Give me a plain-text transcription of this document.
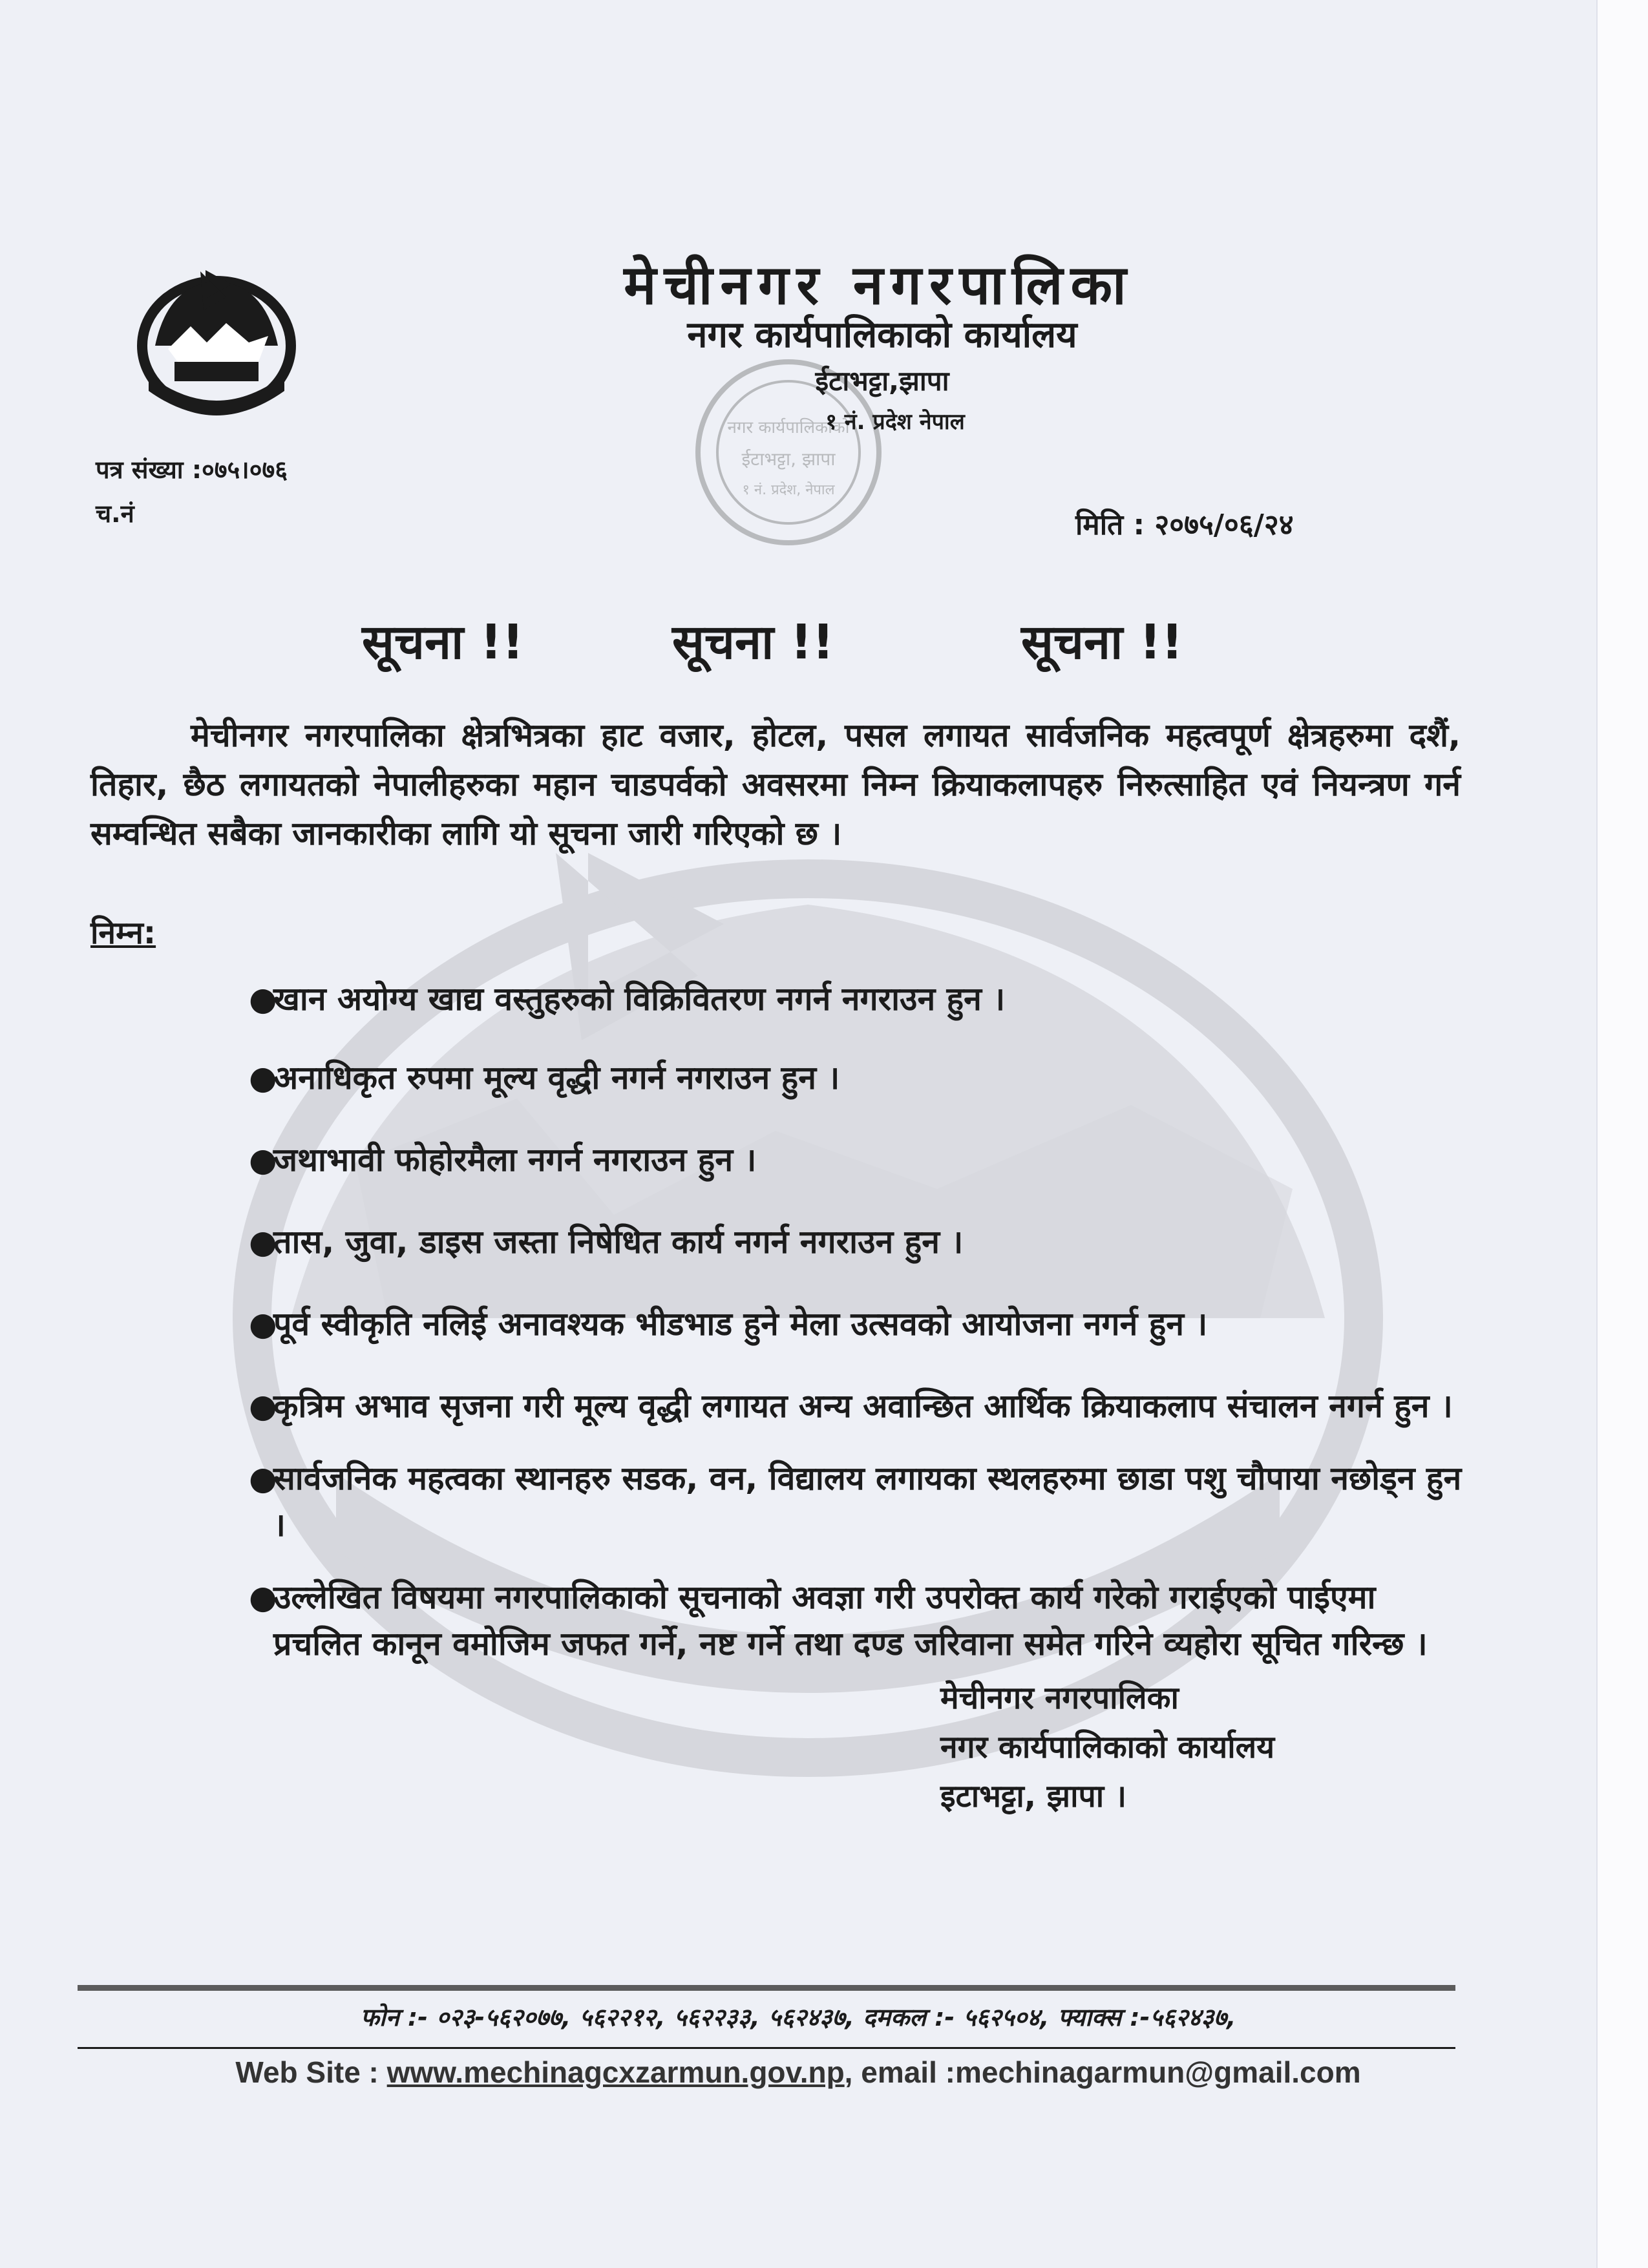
नगर कार्यपालिकाको
ईटाभट्टा, झापा
१ नं. प्रदेश, नेपाल
मेचीनगर नगरपालिका
नगर कार्यपालिकाको कार्यालय
ईटाभट्टा,झापा
१ नं. प्रदेश नेपाल
पत्र संख्या :०७५।०७६
च.नं	मिति : २०७५/०६/२४
सूचना !!	सूचना !!	सूचना !!

मेचीनगर नगरपालिका क्षेत्रभित्रका हाट वजार, होटल, पसल लगायत सार्वजनिक महत्वपूर्ण क्षेत्रहरुमा दशैं, तिहार, छैठ लगायतको नेपालीहरुका महान चाडपर्वको अवसरमा निम्न क्रियाकलापहरु निरुत्साहित एवं नियन्त्रण गर्न सम्वन्धित सबैका जानकारीका लागि यो सूचना जारी गरिएको छ ।

निम्न:
●
खान अयोग्य खाद्य वस्तुहरुको विक्रिवितरण नगर्न नगराउन हुन ।
●
अनाधिकृत रुपमा मूल्य वृद्धी नगर्न नगराउन हुन ।
●
जथाभावी फोहोरमैला नगर्न नगराउन हुन ।
●
तास, जुवा, डाइस जस्ता निषेधित कार्य नगर्न नगराउन हुन ।
●
पूर्व स्वीकृति नलिई अनावश्यक भीडभाड हुने मेला उत्सवको आयोजना नगर्न हुन ।
●
कृत्रिम अभाव सृजना गरी मूल्य वृद्धी लगायत अन्य अवान्छित आर्थिक क्रियाकलाप संचालन नगर्न हुन ।
●
सार्वजनिक महत्वका स्थानहरु सडक, वन, विद्यालय लगायका स्थलहरुमा छाडा पशु चौपाया नछोड्न हुन ।
●
उल्लेखित विषयमा नगरपालिकाको सूचनाको अवज्ञा गरी उपरोक्त कार्य गरेको गराईएको पाईएमा प्रचलित कानून वमोजिम जफत गर्ने, नष्ट गर्ने तथा दण्ड जरिवाना समेत गरिने व्यहोरा सूचित गरिन्छ ।
मेचीनगर नगरपालिका
नगर कार्यपालिकाको कार्यालय
इटाभट्टा, झापा ।
फोन :- ०२३-५६२०७७, ५६२२१२, ५६२२३३, ५६२४३७, दमकल :- ५६२५०४, फ्याक्स :-५६२४३७,
Web Site : www.mechinagcxzarmun.gov.np, email :mechinagarmun@gmail.com
